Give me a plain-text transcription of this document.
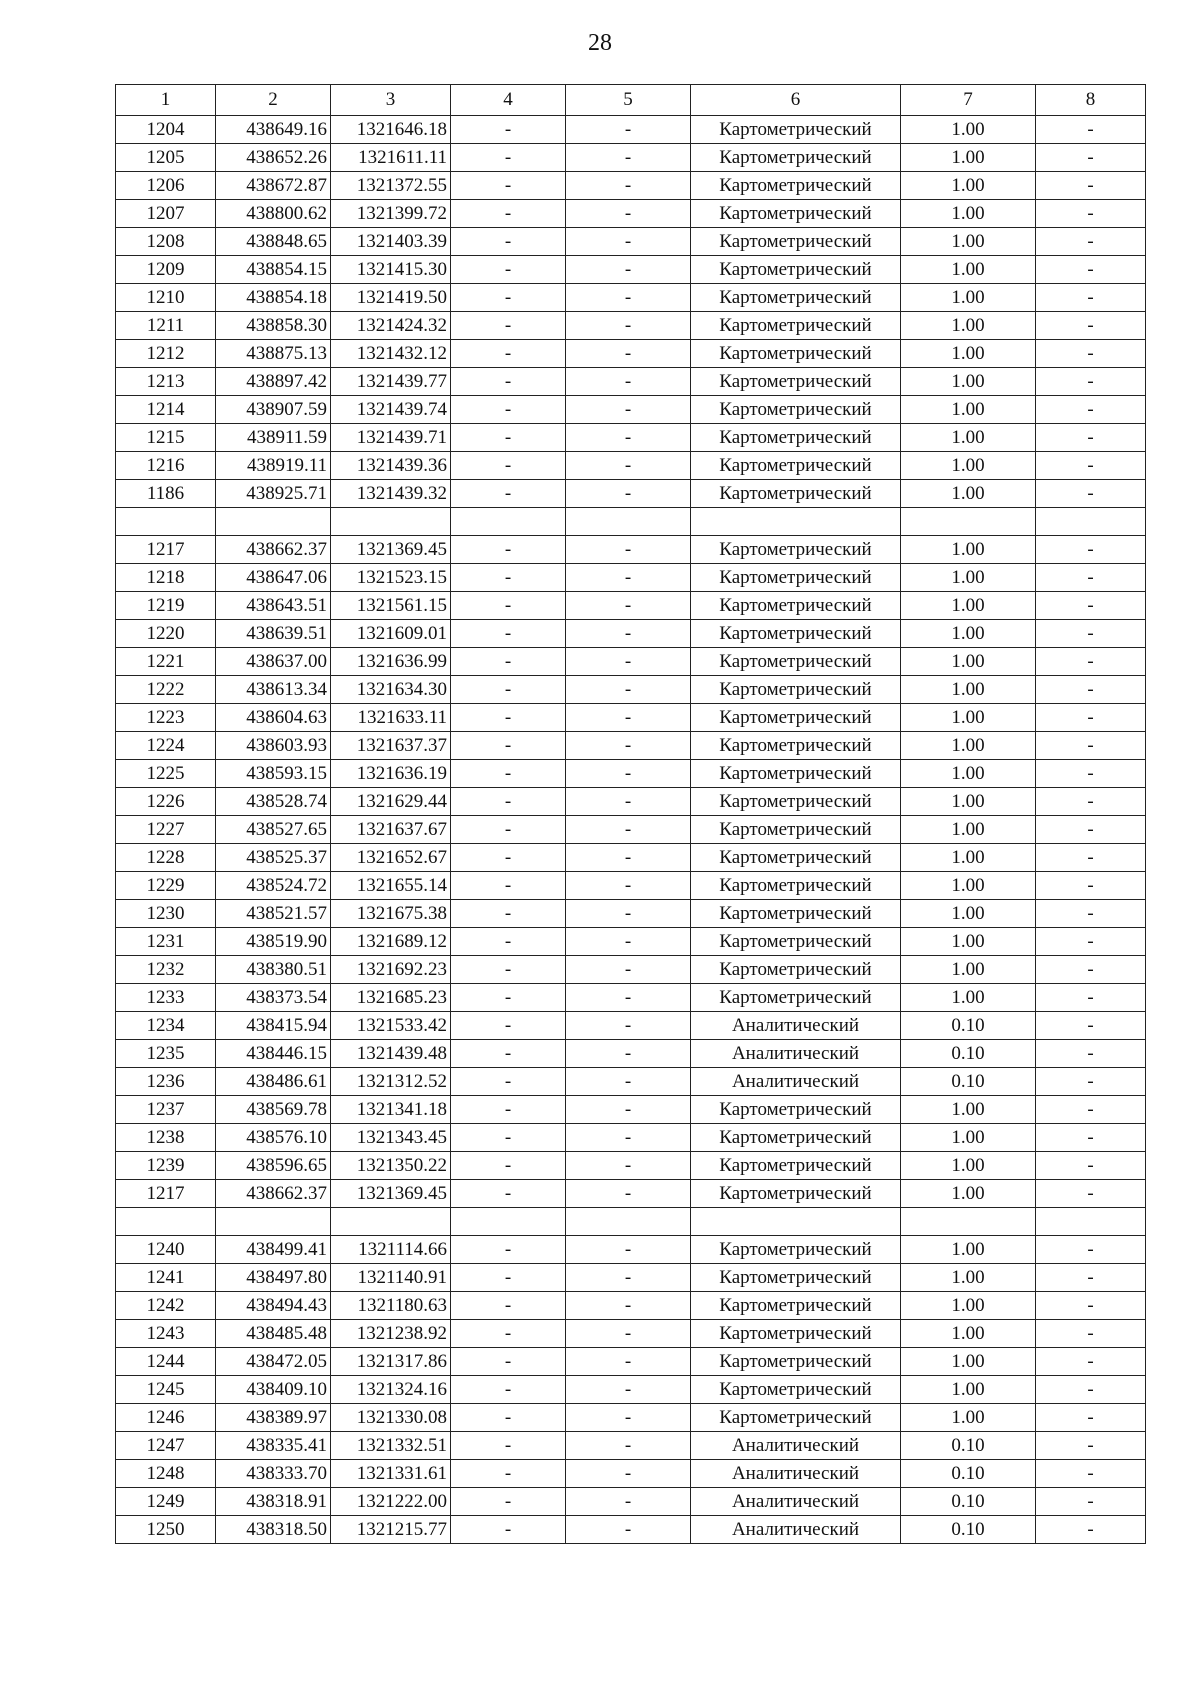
28
1	2	3	4	5	6	7	8
1204	438649.16	1321646.18	-	-	Картометрический	1.00	-
1205	438652.26	1321611.11	-	-	Картометрический	1.00	-
1206	438672.87	1321372.55	-	-	Картометрический	1.00	-
1207	438800.62	1321399.72	-	-	Картометрический	1.00	-
1208	438848.65	1321403.39	-	-	Картометрический	1.00	-
1209	438854.15	1321415.30	-	-	Картометрический	1.00	-
1210	438854.18	1321419.50	-	-	Картометрический	1.00	-
1211	438858.30	1321424.32	-	-	Картометрический	1.00	-
1212	438875.13	1321432.12	-	-	Картометрический	1.00	-
1213	438897.42	1321439.77	-	-	Картометрический	1.00	-
1214	438907.59	1321439.74	-	-	Картометрический	1.00	-
1215	438911.59	1321439.71	-	-	Картометрический	1.00	-
1216	438919.11	1321439.36	-	-	Картометрический	1.00	-
1186	438925.71	1321439.32	-	-	Картометрический	1.00	-

1217	438662.37	1321369.45	-	-	Картометрический	1.00	-
1218	438647.06	1321523.15	-	-	Картометрический	1.00	-
1219	438643.51	1321561.15	-	-	Картометрический	1.00	-
1220	438639.51	1321609.01	-	-	Картометрический	1.00	-
1221	438637.00	1321636.99	-	-	Картометрический	1.00	-
1222	438613.34	1321634.30	-	-	Картометрический	1.00	-
1223	438604.63	1321633.11	-	-	Картометрический	1.00	-
1224	438603.93	1321637.37	-	-	Картометрический	1.00	-
1225	438593.15	1321636.19	-	-	Картометрический	1.00	-
1226	438528.74	1321629.44	-	-	Картометрический	1.00	-
1227	438527.65	1321637.67	-	-	Картометрический	1.00	-
1228	438525.37	1321652.67	-	-	Картометрический	1.00	-
1229	438524.72	1321655.14	-	-	Картометрический	1.00	-
1230	438521.57	1321675.38	-	-	Картометрический	1.00	-
1231	438519.90	1321689.12	-	-	Картометрический	1.00	-
1232	438380.51	1321692.23	-	-	Картометрический	1.00	-
1233	438373.54	1321685.23	-	-	Картометрический	1.00	-
1234	438415.94	1321533.42	-	-	Аналитический	0.10	-
1235	438446.15	1321439.48	-	-	Аналитический	0.10	-
1236	438486.61	1321312.52	-	-	Аналитический	0.10	-
1237	438569.78	1321341.18	-	-	Картометрический	1.00	-
1238	438576.10	1321343.45	-	-	Картометрический	1.00	-
1239	438596.65	1321350.22	-	-	Картометрический	1.00	-
1217	438662.37	1321369.45	-	-	Картометрический	1.00	-

1240	438499.41	1321114.66	-	-	Картометрический	1.00	-
1241	438497.80	1321140.91	-	-	Картометрический	1.00	-
1242	438494.43	1321180.63	-	-	Картометрический	1.00	-
1243	438485.48	1321238.92	-	-	Картометрический	1.00	-
1244	438472.05	1321317.86	-	-	Картометрический	1.00	-
1245	438409.10	1321324.16	-	-	Картометрический	1.00	-
1246	438389.97	1321330.08	-	-	Картометрический	1.00	-
1247	438335.41	1321332.51	-	-	Аналитический	0.10	-
1248	438333.70	1321331.61	-	-	Аналитический	0.10	-
1249	438318.91	1321222.00	-	-	Аналитический	0.10	-
1250	438318.50	1321215.77	-	-	Аналитический	0.10	-
